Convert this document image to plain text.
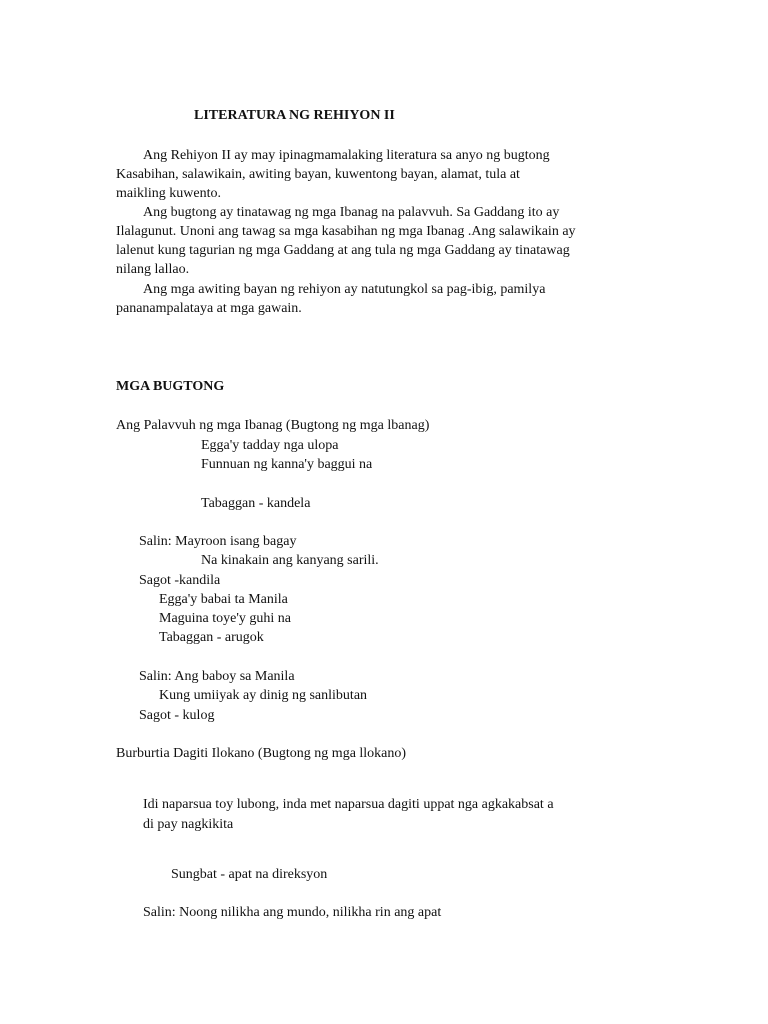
LITERATURA NG REHIYON II
Ang Rehiyon II ay may ipinagmamalaking literatura sa anyo ng bugtong
Kasabihan, salawikain, awiting bayan, kuwentong bayan, alamat, tula at
maikling kuwento.
Ang bugtong ay tinatawag ng mga Ibanag na palavvuh. Sa Gaddang ito ay
Ilalagunut. Unoni ang tawag sa mga kasabihan ng mga Ibanag .Ang salawikain ay
lalenut kung tagurian ng mga Gaddang at ang tula ng mga Gaddang ay tinatawag
nilang lallao.
Ang mga awiting bayan ng rehiyon ay natutungkol sa pag-ibig, pamilya
pananampalataya at mga gawain.
MGA BUGTONG
Ang Palavvuh ng mga Ibanag (Bugtong ng mga lbanag)
Egga'y tadday nga ulopa
Funnuan ng kanna'y baggui na
Tabaggan - kandela
Salin: Mayroon isang bagay
Na kinakain ang kanyang sarili.
Sagot -kandila
Egga'y babai ta Manila
Maguina toye'y guhi na
Tabaggan - arugok
Salin: Ang baboy sa Manila
Kung umiiyak ay dinig ng sanlibutan
Sagot - kulog
Burburtia Dagiti Ilokano (Bugtong ng mga llokano)
Idi naparsua toy lubong, inda met naparsua dagiti uppat nga agkakabsat a
di pay nagkikita
Sungbat - apat na direksyon
Salin: Noong nilikha ang mundo, nilikha rin ang apat
